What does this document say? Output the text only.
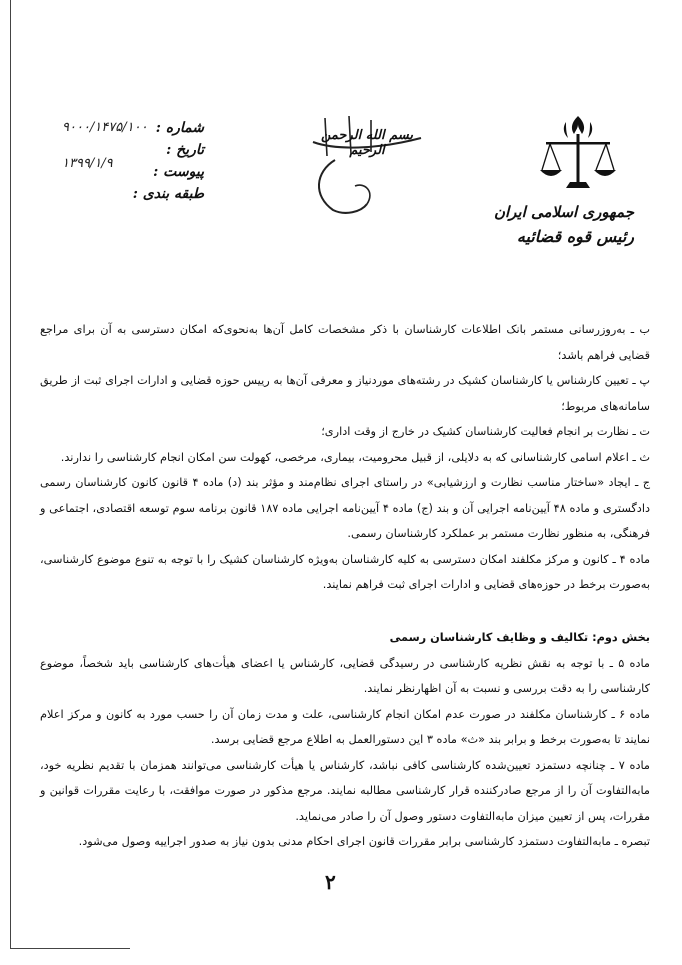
جمهوری اسلامی ایران
رئیس قوه قضائیه
بسم الله الرحمن الرحیم
شماره :
۹۰۰۰/۱۴۷۵/۱۰۰
تاریخ :
۱۳۹۹/۱/۹
پیوست :
طبقه بندی :

ب ـ به‌روزرسانی مستمر بانک اطلاعات کارشناسان با ذکر مشخصات کامل آن‌ها به‌نحوی‌که امکان دسترسی به آن برای مراجع قضایی فراهم باشد؛

پ ـ تعیین کارشناس یا کارشناسان کشیک در رشته‌های موردنیاز و معرفی آن‌ها به رییس حوزه قضایی و ادارات اجرای ثبت از طریق سامانه‌های مربوط؛

ت ـ نظارت بر انجام فعالیت کارشناسان کشیک در خارج از وقت اداری؛

ث ـ اعلام اسامی کارشناسانی که به دلایلی، از قبیل محرومیت، بیماری، مرخصی، کهولت سن امکان انجام کارشناسی را ندارند.

ج ـ ایجاد «ساختار مناسب نظارت و ارزشیابی» در راستای اجرای نظام‌مند و مؤثر بند (د) ماده ۴ قانون کانون کارشناسان رسمی دادگستری و ماده ۴۸ آیین‌نامه اجرایی آن و بند (ج) ماده ۴ آیین‌نامه اجرایی ماده ۱۸۷ قانون برنامه سوم توسعه اقتصادی، اجتماعی و فرهنگی، به منظور نظارت مستمر بر عملکرد کارشناسان رسمی.

ماده ۴ ـ کانون و مرکز مکلفند امکان دسترسی به کلیه کارشناسان به‌ویژه کارشناسان کشیک را با توجه به تنوع موضوع کارشناسی، به‌صورت برخط در حوزه‌های قضایی و ادارات اجرای ثبت فراهم نمایند.

بخش دوم: تکالیف و وظایف کارشناسان رسمی

ماده ۵ ـ با توجه به نقش نظریه کارشناسی در رسیدگی قضایی، کارشناس یا اعضای هیأت‌های کارشناسی باید شخصاً، موضوع کارشناسی را به دقت بررسی و نسبت به آن اظهارنظر نمایند.

ماده ۶ ـ کارشناسان مکلفند در صورت عدم امکان انجام کارشناسی، علت و مدت زمان آن را حسب مورد به کانون و مرکز اعلام نمایند تا به‌صورت برخط و برابر بند «ث» ماده ۳ این دستورالعمل به اطلاع مرجع قضایی برسد.

ماده ۷ ـ چنانچه دستمزد تعیین‌شده کارشناسی کافی نباشد، کارشناس یا هیأت کارشناسی می‌توانند همزمان با تقدیم نظریه خود، مابه‌التفاوت آن را از مرجع صادرکننده قرار کارشناسی مطالبه نمایند. مرجع مذکور در صورت موافقت، با رعایت مقررات قوانین و مقررات، پس از تعیین میزان مابه‌التفاوت دستور وصول آن را صادر می‌نماید.

تبصره ـ مابه‌التفاوت دستمزد کارشناسی برابر مقررات قانون اجرای احکام مدنی بدون نیاز به صدور اجراییه وصول می‌شود.

۲
